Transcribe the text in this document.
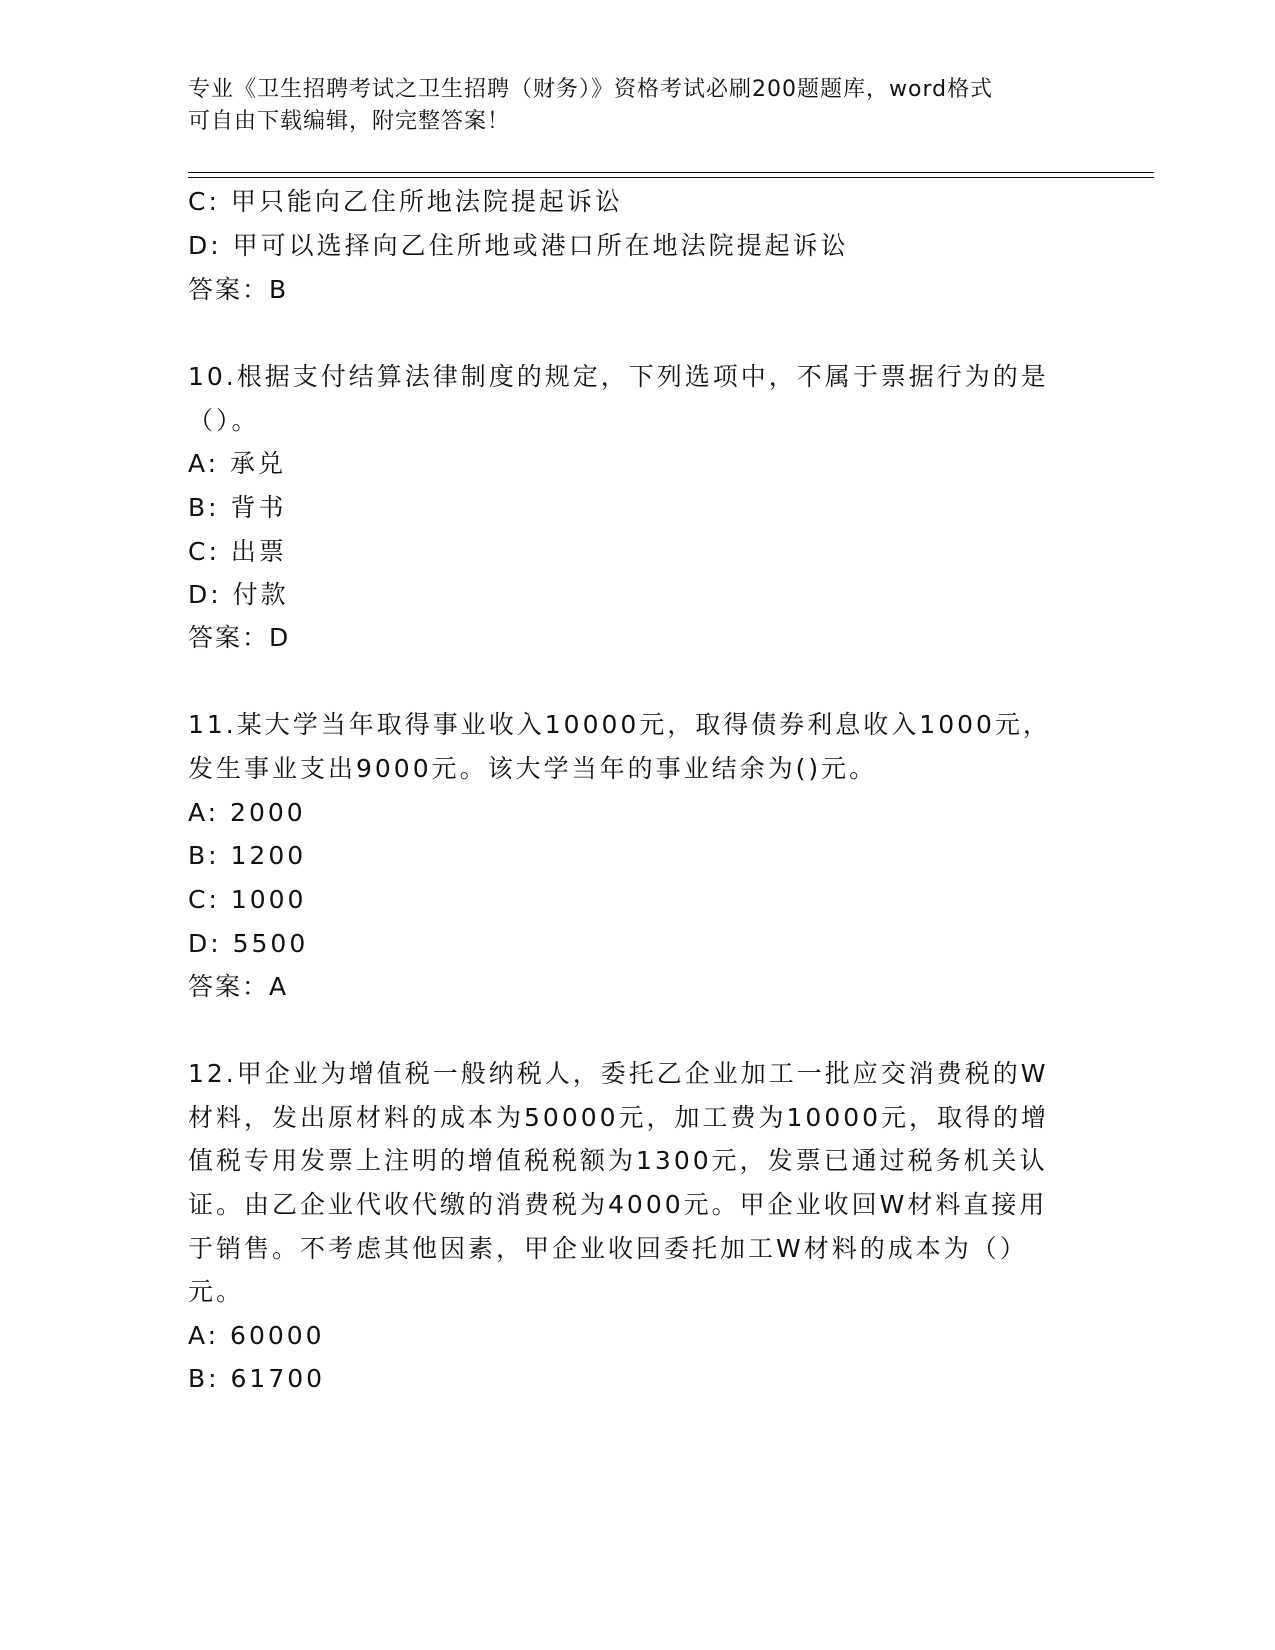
专业《卫生招聘考试之卫生招聘（财务）》资格考试必刷200题题库，word格式
可自由下载编辑，附完整答案！
C: 甲只能向乙住所地法院提起诉讼
D: 甲可以选择向乙住所地或港口所在地法院提起诉讼
答案：B
10.根据支付结算法律制度的规定，下列选项中，不属于票据行为的是
（）。
A: 承兑
B: 背书
C: 出票
D: 付款
答案：D
11.某大学当年取得事业收入10000元，取得债券利息收入1000元，
发生事业支出9000元。该大学当年的事业结余为()元。
A: 2000
B: 1200
C: 1000
D: 5500
答案：A
12.甲企业为增值税一般纳税人，委托乙企业加工一批应交消费税的W
材料，发出原材料的成本为50000元，加工费为10000元，取得的增
值税专用发票上注明的增值税税额为1300元，发票已通过税务机关认
证。由乙企业代收代缴的消费税为4000元。甲企业收回W材料直接用
于销售。不考虑其他因素，甲企业收回委托加工W材料的成本为（）
元。
A: 60000
B: 61700
